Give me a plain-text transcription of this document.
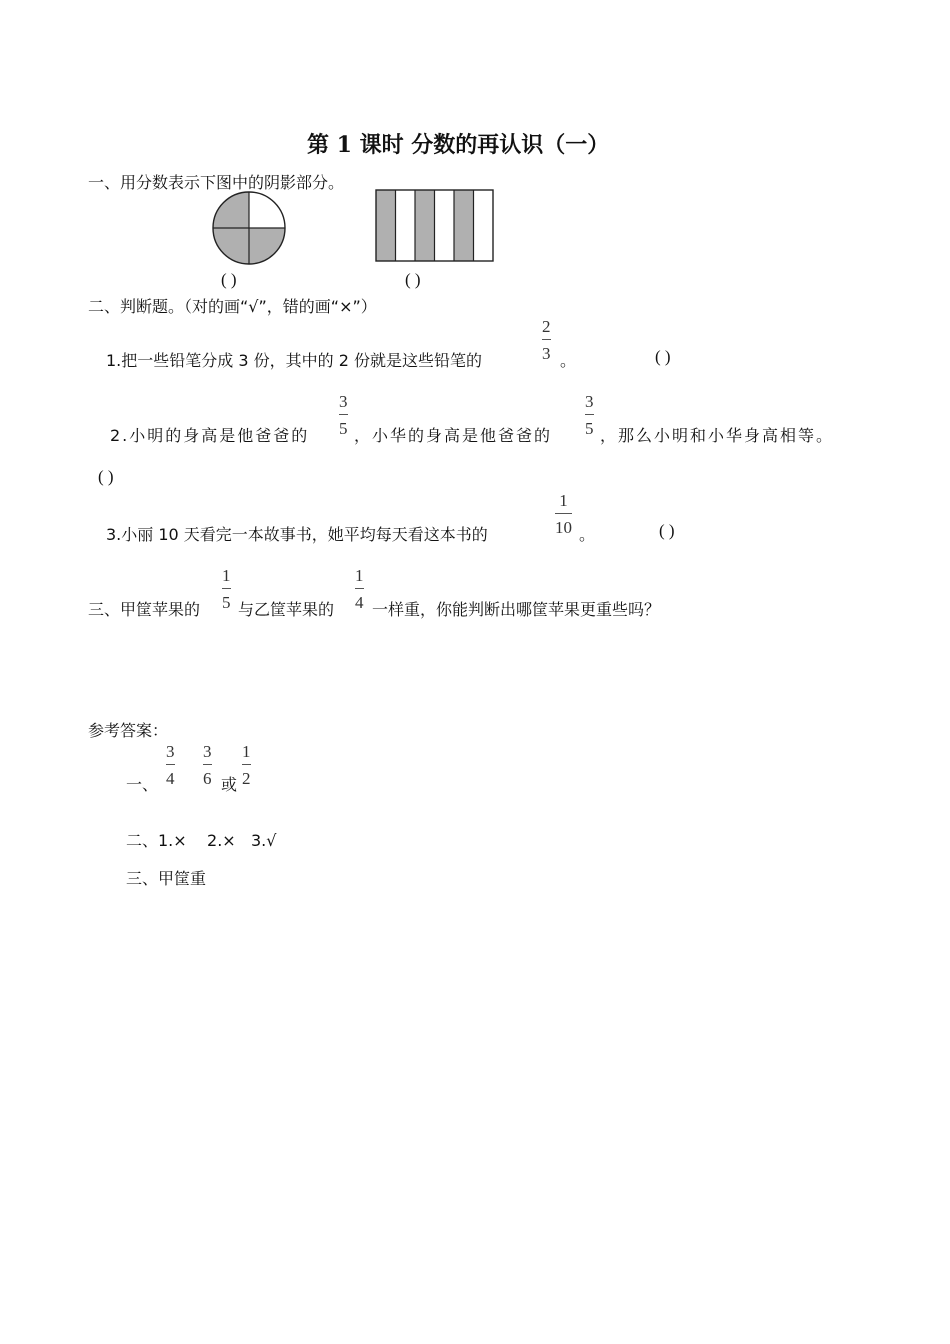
第 1 课时 分数的再认识（一）
一、用分数表示下图中的阴影部分。
( )	( )
二、判断题。（对的画“√”，错的画“×”）
1.把一些铅笔分成 3 份，其中的 2 份就是这些铅笔的
2
3 。	( )
2.小明的身高是他爸爸的
3
5 ，小华的身高是他爸爸的
3
5 ，那么小明和小华身高相等。
( )
3.小丽 10 天看完一本故事书，她平均每天看这本书的
1
10 。	( )
三、甲筐苹果的
1
5 与乙筐苹果的
1
4 一样重，你能判断出哪筐苹果更重些吗？
参考答案：
一、
3
4
3
6 或
1
2
二、1.×    2.×   3.√
三、甲筐重
